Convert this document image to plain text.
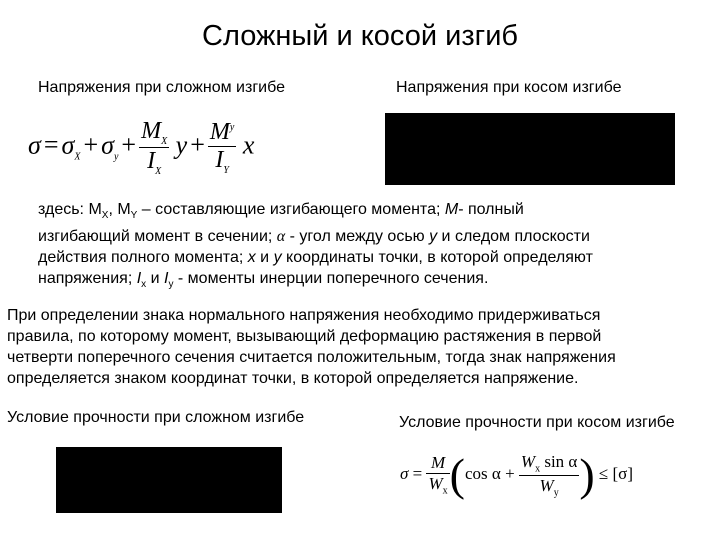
Сложный и косой изгиб
Напряжения при сложном изгибе	Напряжения при косом изгибе
$\sigma = \sigma_X + \sigma_y + \frac{M_X}{I_X}$ $y + \frac{M^y}{I_Y}$ x

здесь: $M_X$, $M_Y$ – составляющие изгибающего момента; M- полный

изгибающий момент в сечении; α - угол между осью y и следом плоскости

действия полного момента; x и y координаты точки, в которой определяют

напряжения; $I_x$ и $I_y$ - моменты инерции поперечного сечения.

При определении знака нормального напряжения необходимо придерживаться

правила, по которому момент, вызывающий деформацию растяжения в первой

четверти поперечного сечения считается положительным, тогда знак напряжения

определяется знаком координат точки, в которой определяется напряжение.

Условие прочности при сложном изгибе	Условие прочности при косом изгибе
$\sigma = \frac{M}{W_x} (\cos$ $\alpha + \frac{W_x \sin \alpha}{W_y}$ ) ≤ [σ]
